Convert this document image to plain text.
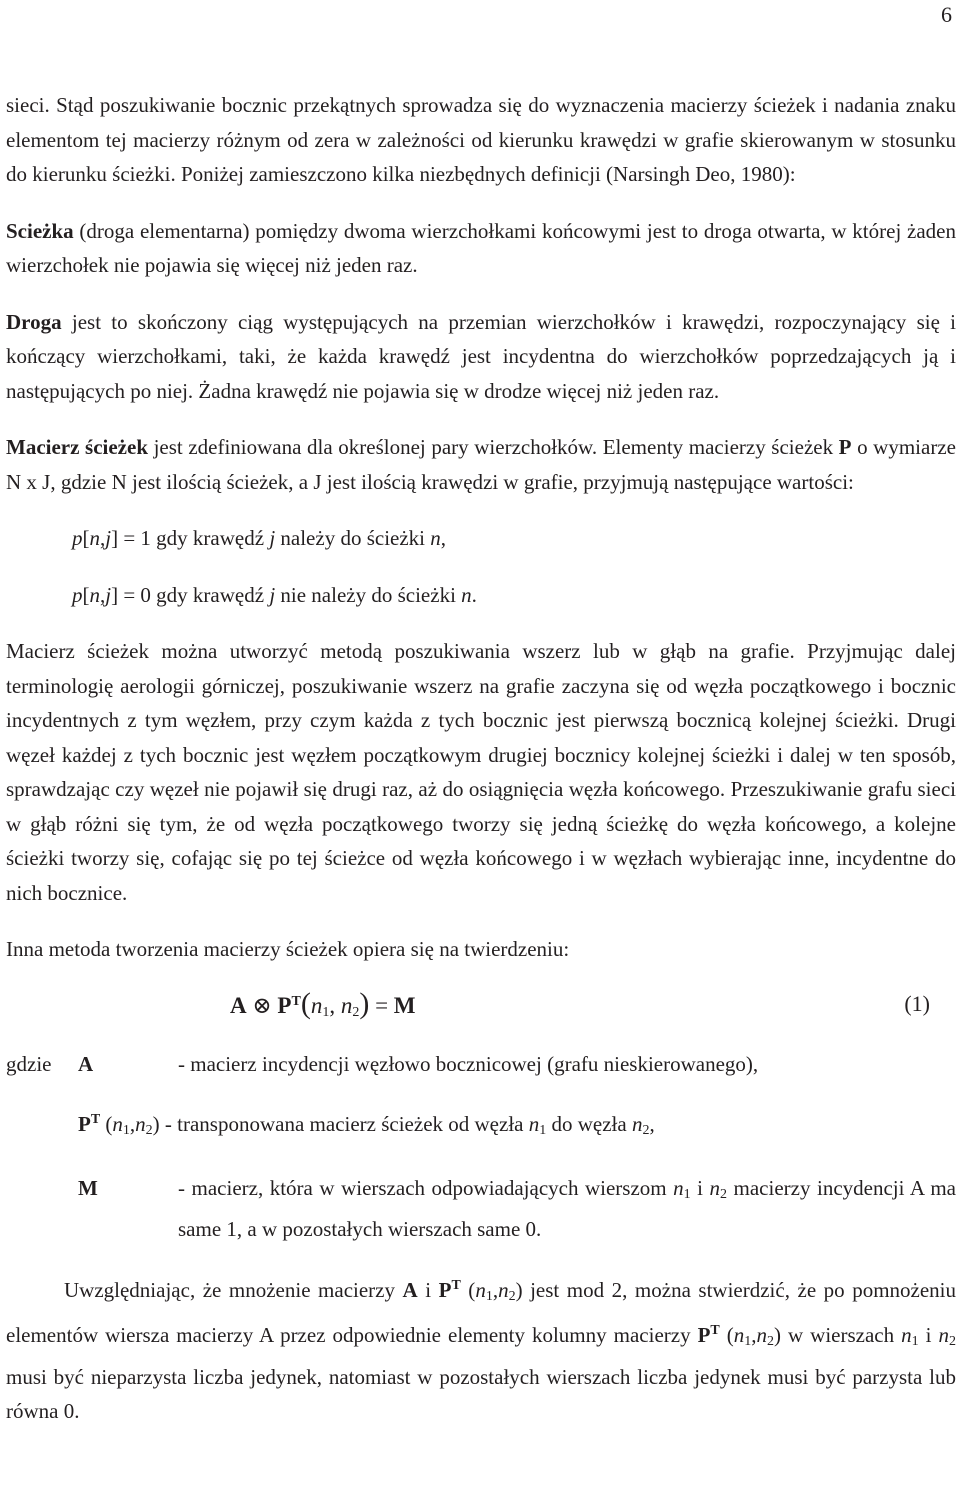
6

sieci. Stąd poszukiwanie bocznic przekątnych sprowadza się do wyznaczenia macierzy ścieżek i nadania znaku elementom tej macierzy różnym od zera w zależności od kierunku krawędzi w grafie skierowanym w stosunku do kierunku ścieżki. Poniżej zamieszczono kilka niezbędnych definicji (Narsingh Deo, 1980):

Scieżka (droga elementarna) pomiędzy dwoma wierzchołkami końcowymi jest to droga otwarta, w której żaden wierzchołek nie pojawia się więcej niż jeden raz.

Droga jest to skończony ciąg występujących na przemian wierzchołków i krawędzi, rozpoczynający się i kończący wierzchołkami, taki, że każda krawędź jest incydentna do wierzchołków poprzedzających ją i następujących po niej. Żadna krawędź nie pojawia się w drodze więcej niż jeden raz.

Macierz ścieżek jest zdefiniowana dla określonej pary wierzchołków. Elementy macierzy ścieżek P o wymiarze N x J, gdzie N jest ilością ścieżek, a J jest ilością krawędzi w grafie, przyjmują następujące wartości:

p[n,j] = 1 gdy krawędź j należy do ścieżki n,

p[n,j] = 0 gdy krawędź j nie należy do ścieżki n.

Macierz ścieżek można utworzyć metodą poszukiwania wszerz lub w głąb na grafie. Przyjmując dalej terminologię aerologii górniczej, poszukiwanie wszerz na grafie zaczyna się od węzła początkowego i bocznic incydentnych z tym węzłem, przy czym każda z tych bocznic jest pierwszą bocznicą kolejnej ścieżki. Drugi węzeł każdej z tych bocznic jest węzłem początkowym drugiej bocznicy kolejnej ścieżki i dalej w ten sposób, sprawdzając czy węzeł nie pojawił się drugi raz, aż do osiągnięcia węzła końcowego. Przeszukiwanie grafu sieci w głąb różni się tym, że od węzła początkowego tworzy się jedną ścieżkę do węzła końcowego, a kolejne ścieżki tworzy się, cofając się po tej ścieżce od węzła końcowego i w węzłach wybierając inne, incydentne do nich bocznice.

Inna metoda tworzenia macierzy ścieżek opiera się na twierdzeniu:

A ⊗ $P^T(n_1$, $n_2) = M$	(1)
gdzie A	- macierz incydencji węzłowo bocznicowej (grafu nieskierowanego),
$P^T$ $(n_1,n_2)$ - transponowana macierz ścieżek od węzła $n_1$ do węzła $n_2$,
M	- macierz, która w wierszach odpowiadających wierszom $n_1$ i $n_2$ macierzy incydencji A ma same 1, a w pozostałych wierszach same 0.

Uwzględniając, że mnożenie macierzy A i $P^T$ $(n_1,n_2)$ jest mod 2, można stwierdzić, że po pomnożeniu elementów wiersza macierzy A przez odpowiednie elementy kolumny macierzy $P^T$ $(n_1,n_2)$ w wierszach $n_1$ i $n_2$ musi być nieparzysta liczba jedynek, natomiast w pozostałych wierszach liczba jedynek musi być parzysta lub równa 0.
